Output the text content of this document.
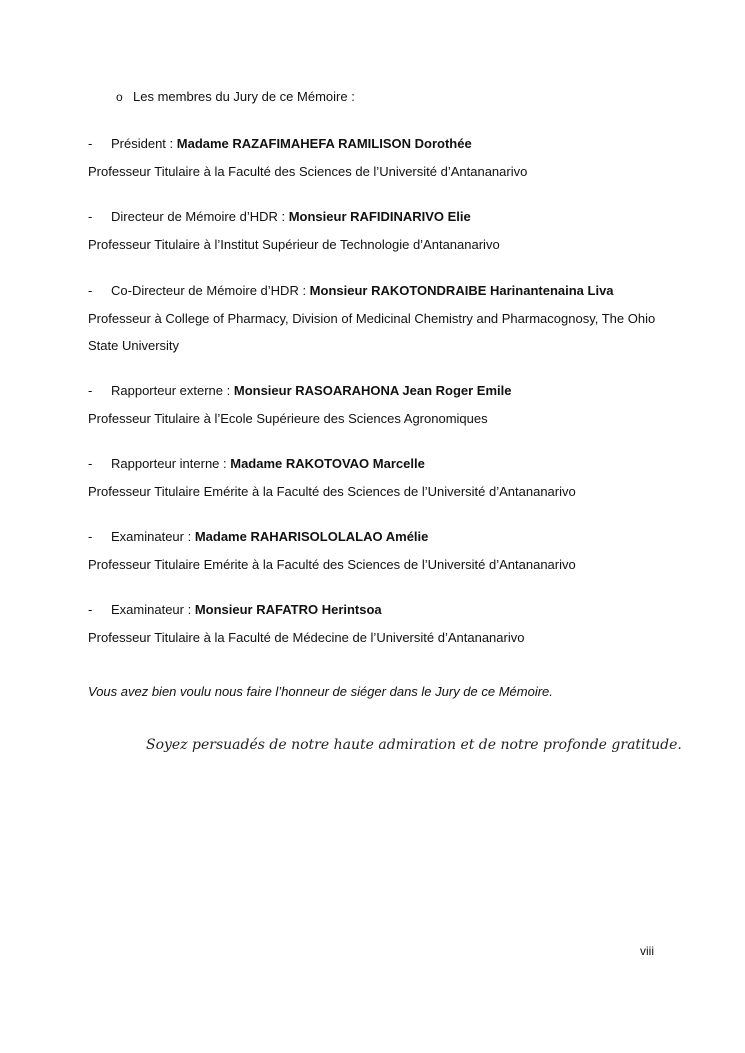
o Les membres du Jury de ce Mémoire :
- Président : Madame RAZAFIMAHEFA RAMILISON Dorothée
Professeur Titulaire à la Faculté des Sciences de l’Université d’Antananarivo
- Directeur de Mémoire d’HDR : Monsieur RAFIDINARIVO Elie
Professeur Titulaire à l’Institut Supérieur de Technologie d’Antananarivo
- Co-Directeur de Mémoire d’HDR : Monsieur RAKOTONDRAIBE Harinantenaina Liva
Professeur à College of Pharmacy, Division of Medicinal Chemistry and Pharmacognosy, The Ohio State University
- Rapporteur externe : Monsieur RASOARAHONA Jean Roger Emile
Professeur Titulaire à l’Ecole Supérieure des Sciences Agronomiques
- Rapporteur interne : Madame RAKOTOVAO Marcelle
Professeur Titulaire Emérite à la Faculté des Sciences de l’Université d’Antananarivo
- Examinateur : Madame RAHARISOLOLALAO Amélie
Professeur Titulaire Emérite à la Faculté des Sciences de l’Université d’Antananarivo
- Examinateur : Monsieur RAFATRO Herintsoa
Professeur Titulaire à la Faculté de Médecine de l’Université d’Antananarivo
Vous avez bien voulu nous faire l’honneur de siéger dans le Jury de ce Mémoire.
Soyez persuadés de notre haute admiration et de notre profonde gratitude.
viii
